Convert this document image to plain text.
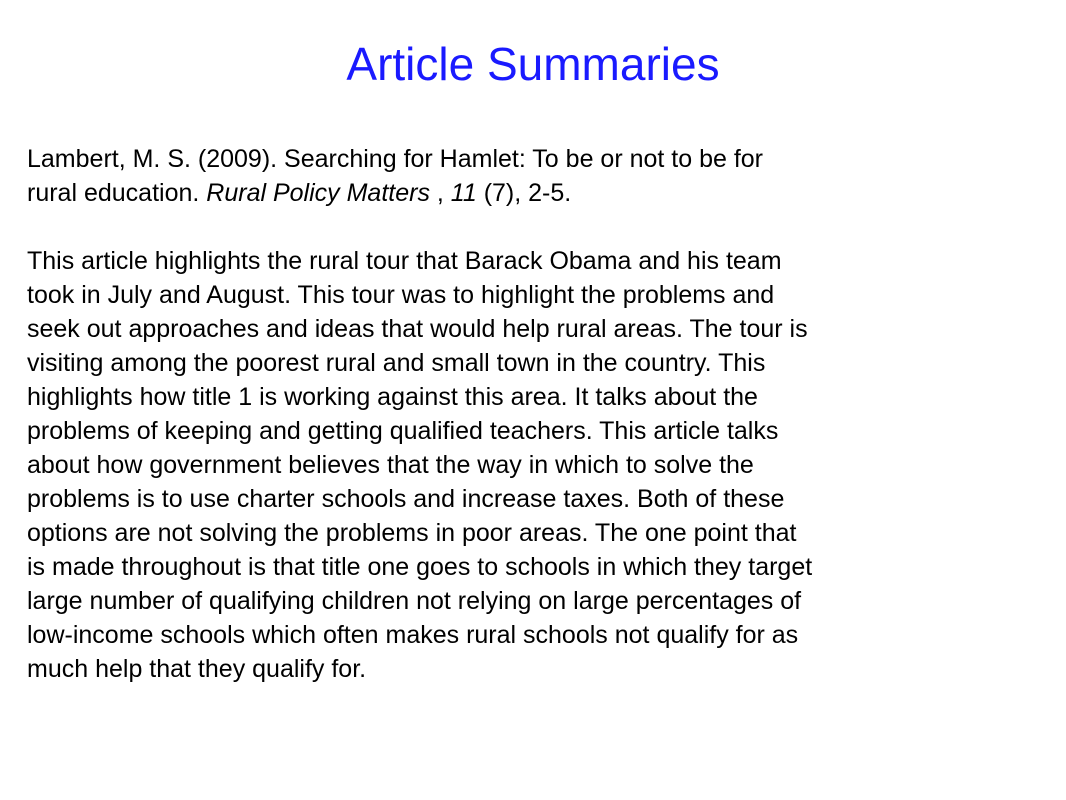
Article Summaries

Lambert, M. S. (2009). Searching for Hamlet: To be or not to be for
rural education. Rural Policy Matters , 11 (7), 2-5.

This article highlights the rural tour that Barack Obama and his team
took in July and August. This tour was to highlight the problems and
seek out approaches and ideas that would help rural areas. The tour is
visiting among the poorest rural and small town in the country. This
highlights how title 1 is working against this area. It talks about the
problems of keeping and getting qualified teachers. This article talks
about how government believes that the way in which to solve the
problems is to use charter schools and increase taxes. Both of these
options are not solving the problems in poor areas. The one point that
is made throughout is that title one goes to schools in which they target
large number of qualifying children not relying on large percentages of
low-income schools which often makes rural schools not qualify for as
much help that they qualify for.
